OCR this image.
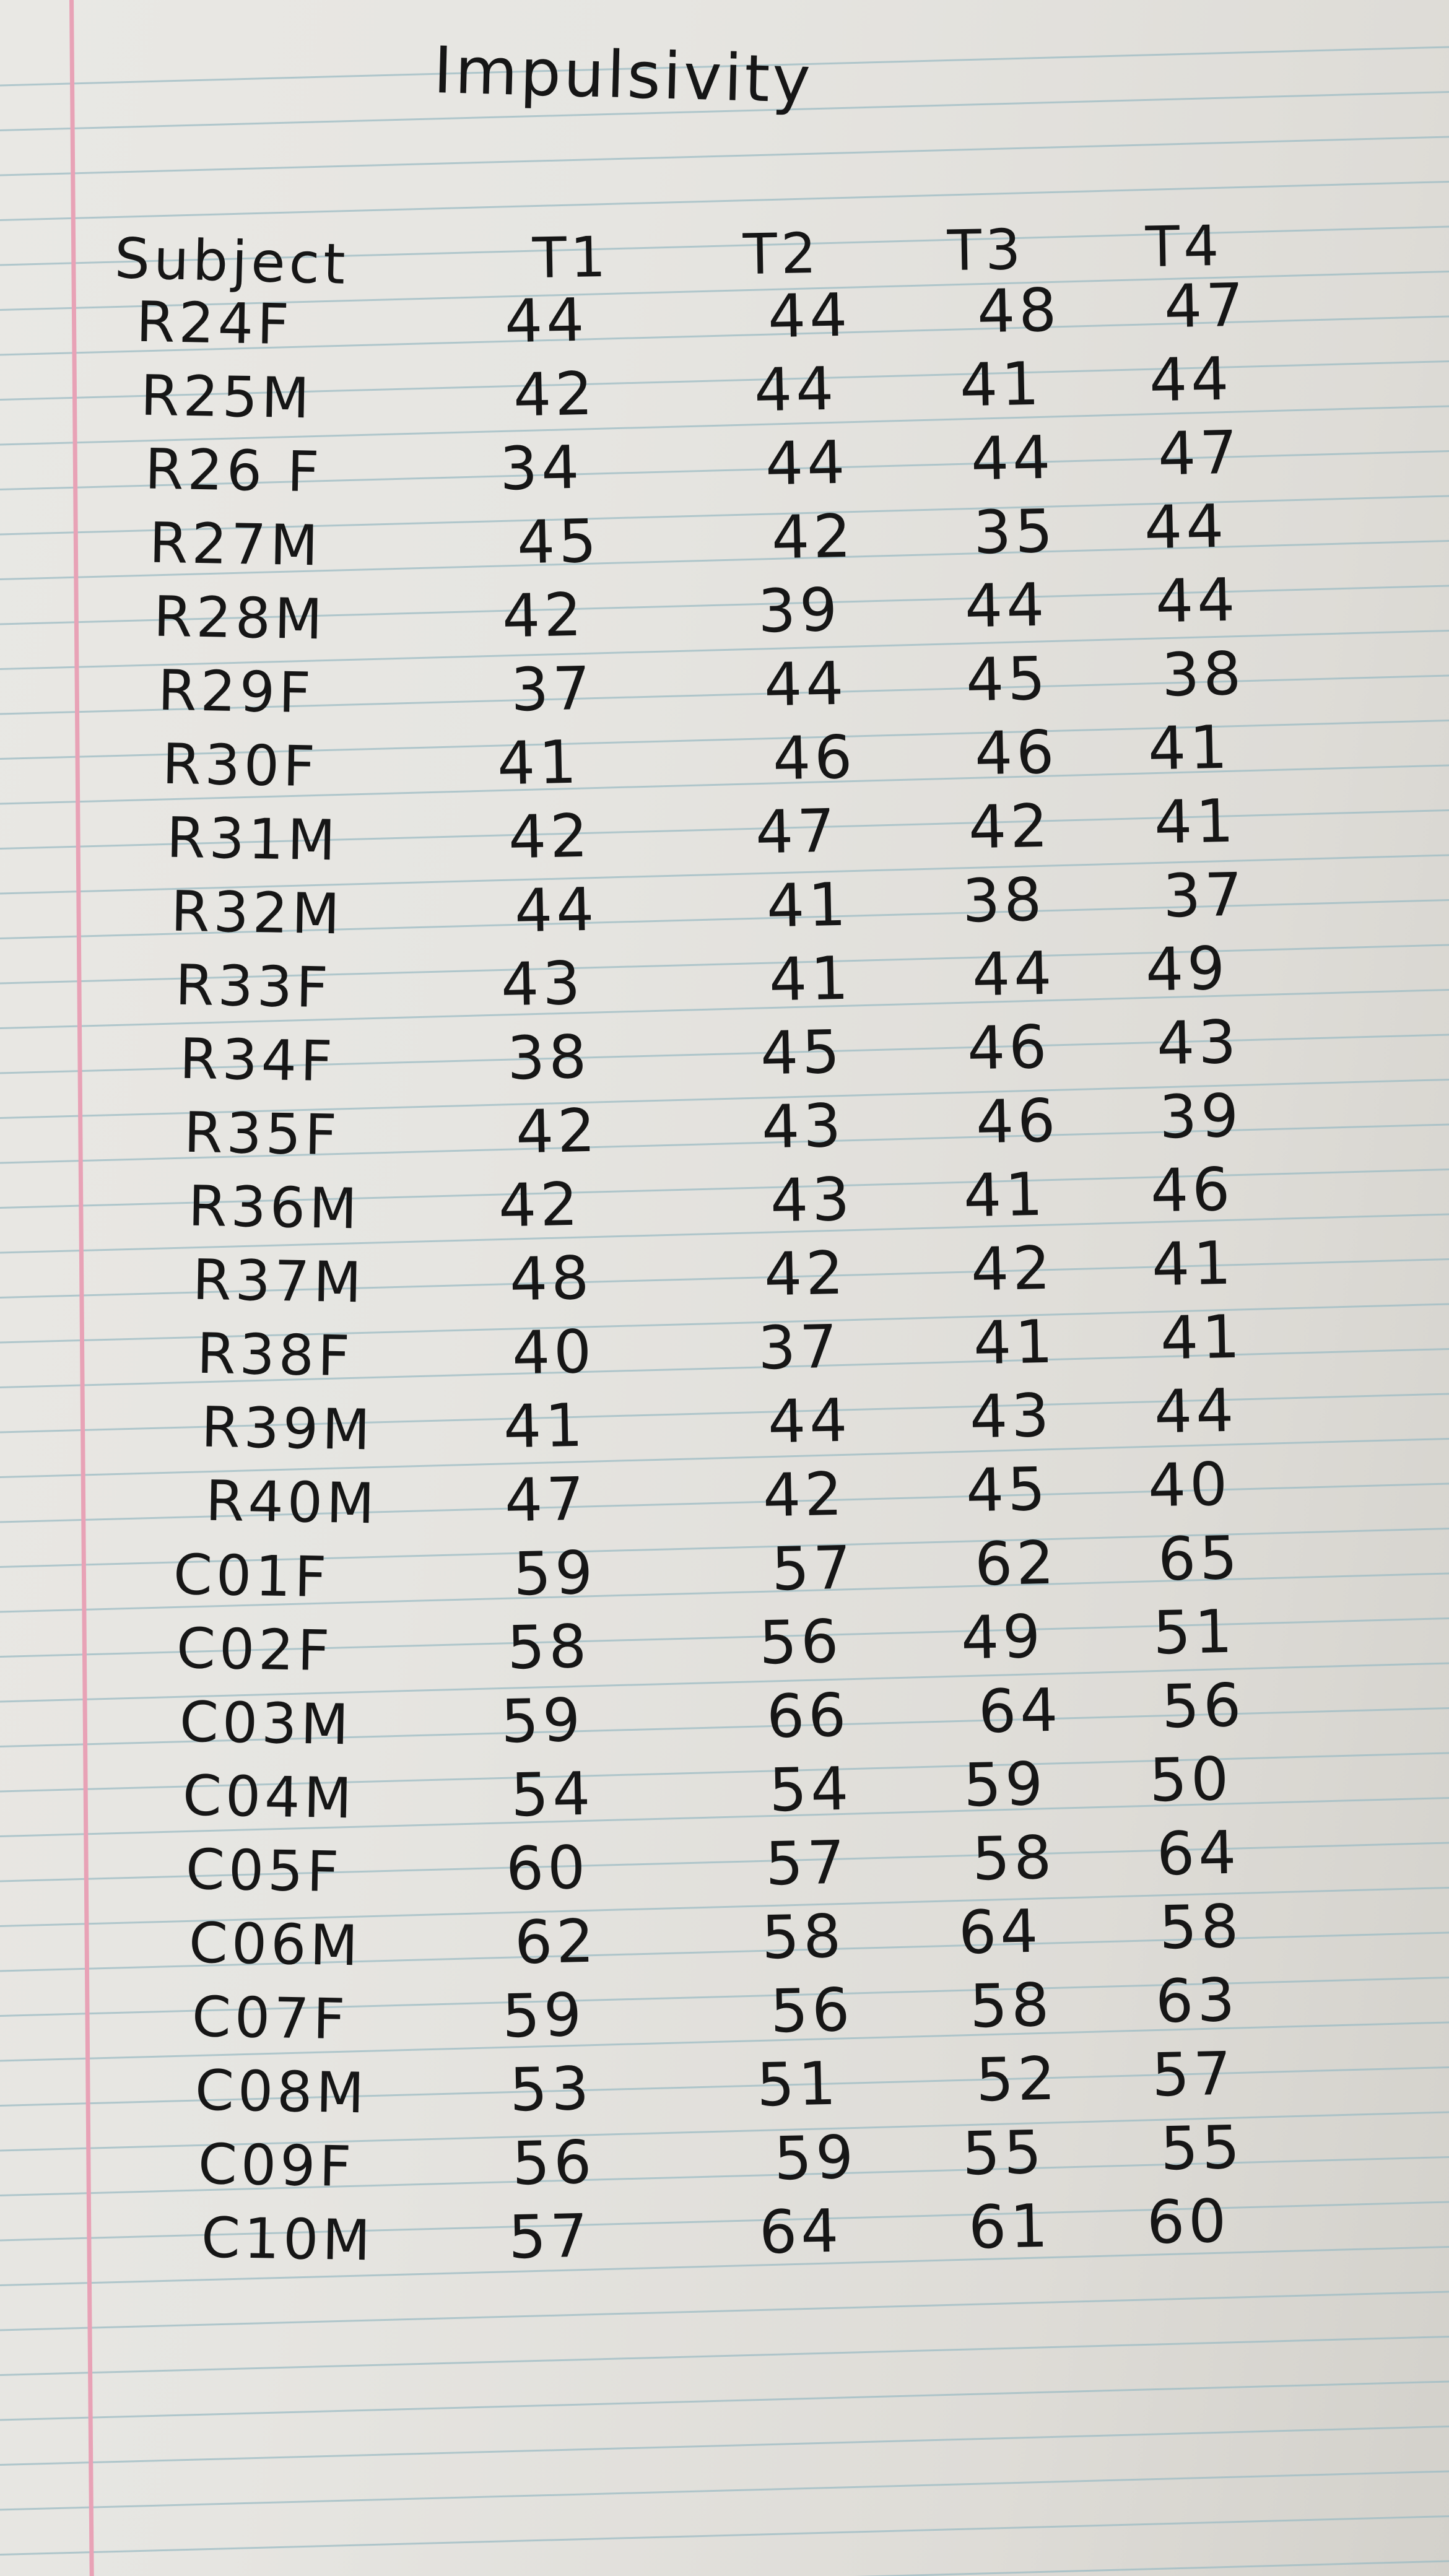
Impulsivity
Subject	T1 T2 T3 T4
R24F	44	44 48 47
R25M	42	44 41 44
R26 F	34	44 44 47
R27M	45	42 35 44
R28M	42	39 44 44
R29F	37	44 45 38
R30F	41	46 46 41
R31M	42	47 42 41
R32M	44	41 38 37
R33F	43	41 44 49
R34F	38	45 46 43
R35F	42	43 46 39
R36M 42	43 41 46
R37M 48	42 42 41
R38F	40	37 41 41
R39M 41	44 43 44
R40M 47	42 45 40
C01F	59	57 62 65
C02F	58	56 49 51
C03M 59	66 64 56
C04M	54	54 59 50
C05F	60	57 58 64
C06M	62	58 64 58
C07F	59	56 58 63
C08M 53	51 52 57
C09F	56	59 55 55
C10M 57	64 61 60
